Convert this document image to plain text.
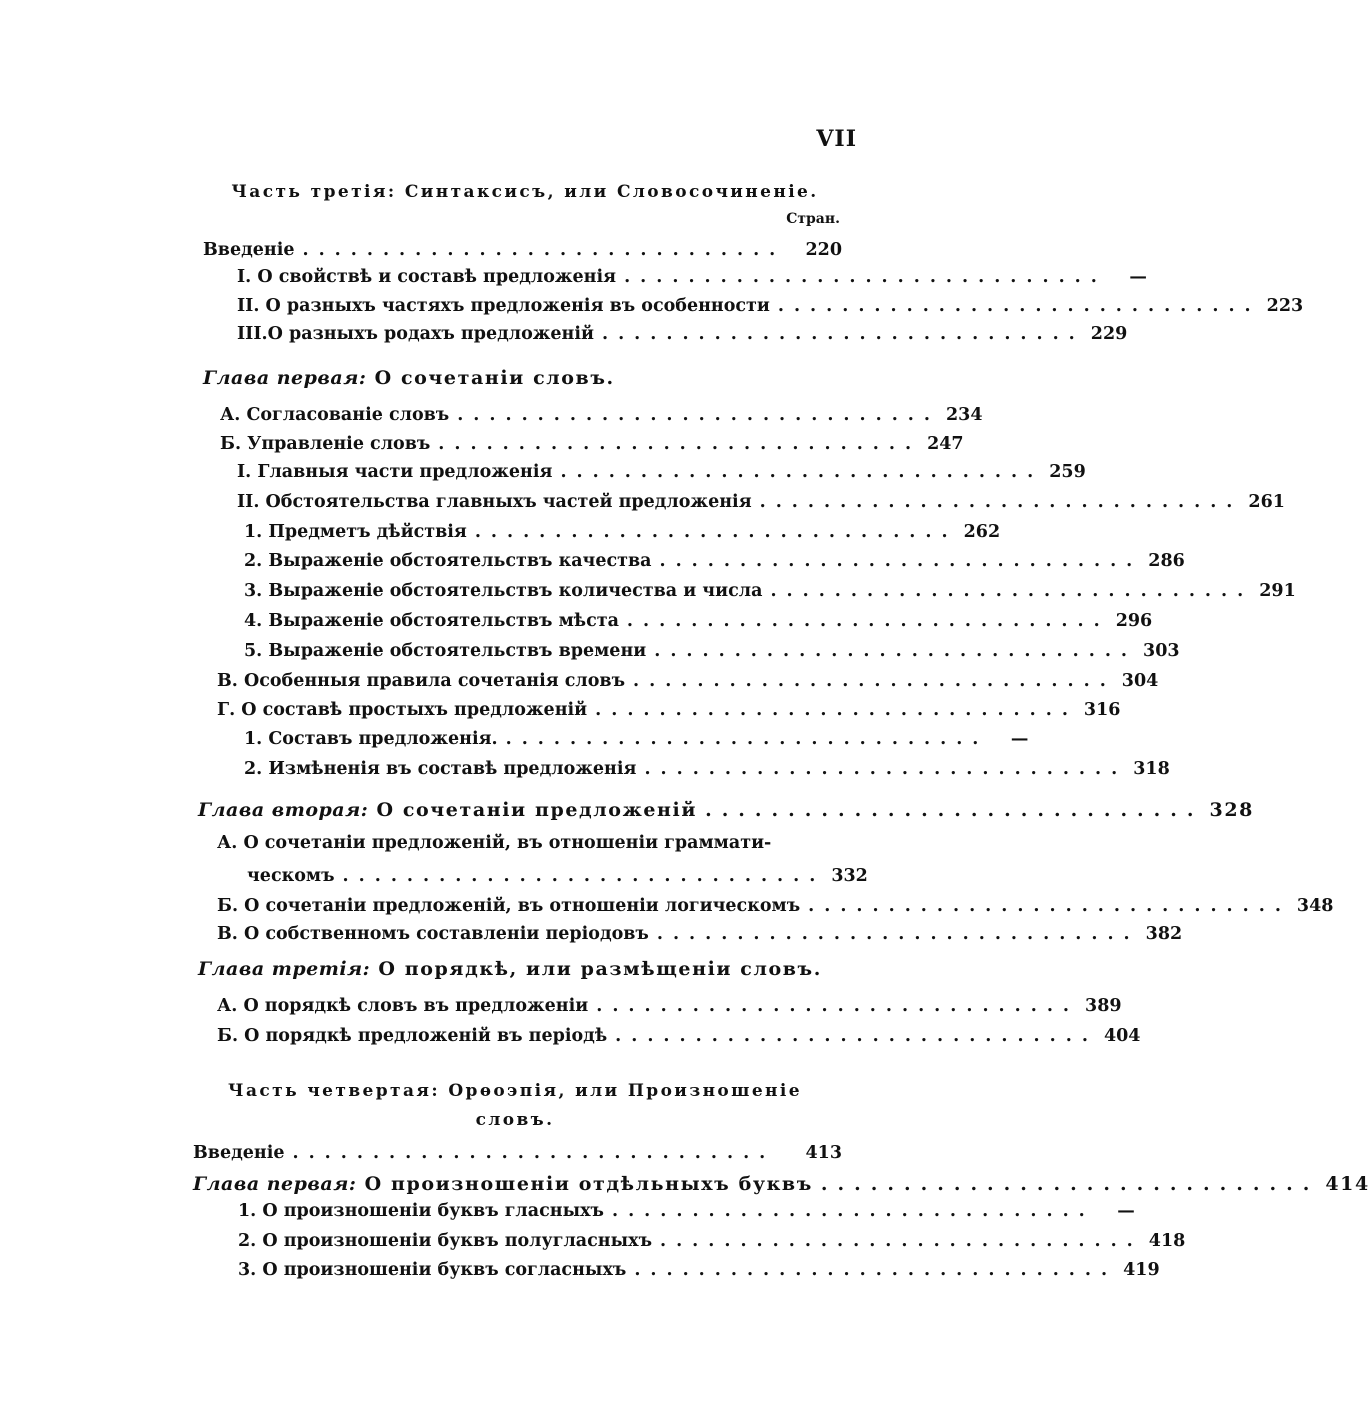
VII
Часть третія: Синтаксисъ, или Словосочиненіе.
Стран.
Часть четвертая: Орѳоэпія, или Произношеніе
словъ.
Введеніе ..............................	220
I. О свойствѣ и составѣ предложенія ..............................	—
II. О разныхъ частяхъ предложенія въ особенности .............................. 223
III.О разныхъ родахъ предложеній .............................. 229
Глава первая: О сочетаніи словъ.
А. Согласованіе словъ .............................. 234
Б. Управленіе словъ .............................. 247
I. Главныя части предложенія .............................. 259
II. Обстоятельства главныхъ частей предложенія .............................. 261
1. Предметъ дѣйствія .............................. 262
2. Выраженіе обстоятельствъ качества .............................. 286
3. Выраженіе обстоятельствъ количества и числа .............................. 291
4. Выраженіе обстоятельствъ мѣста .............................. 296
5. Выраженіе обстоятельствъ времени .............................. 303
В. Особенныя правила сочетанія словъ .............................. 304
Г. О составѣ простыхъ предложеній .............................. 316
1. Составъ предложенія. ..............................	—
2. Измѣненія въ составѣ предложенія .............................. 318
Глава вторая: О сочетаніи предложеній .............................. 328
А. О сочетаніи предложеній, въ отношеніи граммати-
ческомъ .............................. 332
Б. О сочетаніи предложеній, въ отношеніи логическомъ .............................. 348
В. О собственномъ составленіи періодовъ .............................. 382
Глава третія: О порядкѣ, или размѣщеніи словъ.
А. О порядкѣ словъ въ предложеніи .............................. 389
Б. О порядкѣ предложеній въ періодѣ .............................. 404
Введеніе ..............................	413
Глава первая: О произношеніи отдѣльныхъ буквъ .............................. 414
1. О произношеніи буквъ гласныхъ ..............................	—
2. О произношеніи буквъ полугласныхъ .............................. 418
3. О произношеніи буквъ согласныхъ .............................. 419
